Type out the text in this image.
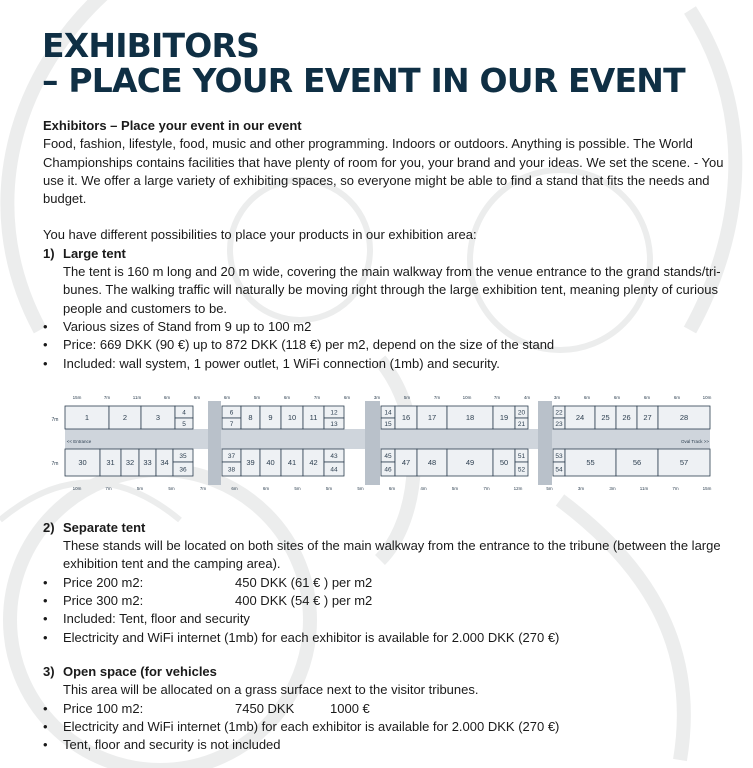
EXHIBITORS
– PLACE YOUR EVENT IN OUR EVENT

Exhibitors – Place your event in our event

Food, fashion, lifestyle, food, music and other programming. Indoors or outdoors. Anything is possible. The World Championships contains facilities that have plenty of room for you, your brand and your ideas. We set the scene. - You use it. We offer a large variety of exhibiting spaces, so everyone might be able to find a stand that fits the needs and budget.

You have different possibilities to place your products in our exhibition area:

1) Large tent

The tent is 160 m long and 20 m wide, covering the main walkway from the venue entrance to the grand stands/tri-bunes. The walking traffic will naturally be moving right through the large exhibition tent, meaning plenty of curious people and customers to be.

•	Various sizes of Stand from 9 up to 100 m2
•	Price: 669 DKK (90 €) up to 872 DKK (118 €) per m2, depend on the size of the stand
•	Included: wall system, 1 power outlet, 1 WiFi connection (1mb) and security.
2) Separate tent

These stands will be located on both sites of the main walkway from the entrance to the tribune (between the large exhibition tent and the camping area).

•	Price 200 m2:	450 DKK (61 € ) per m2
•	Price 300 m2:	400 DKK (54 € ) per m2
•	Included: Tent, floor and security
•	Electricity and WiFi internet (1mb) for each exhibitor is available for 2.000 DKK (270 €)
3) Open space (for vehicles

This area will be allocated on a grass surface next to the visitor tribunes.

•	Price 100 m2:	7450 DKK	1000 €
•	Electricity and WiFi internet (1mb) for each exhibitor is available for 2.000 DKK (270 €)
•	Tent, floor and security is not included
7m
7m
<< Entrance	Oval Track >>
1	2	3
4
5
6
7
8 9 10 11
12
13
14
15
16 17	18	19
20
21
22
23
24 25 26 27	28
30	31 32 33 34
35
36
37
38
39 40 41 42
43
44
45
46
47 48	49	50
51
52
53
54
55	56	57
15m	7m	11m	6m	6m	6m	5m	6m	7m	6m	3m	5m	7m	10m	7m	4m	3m	6m	6m	6m	6m	10m
10m	7m	5m	5m	7m	6m	6m	5m	5m	5m	6m	4m	5m	7m	12m	5m	3m	3m	11m	7m	15m
